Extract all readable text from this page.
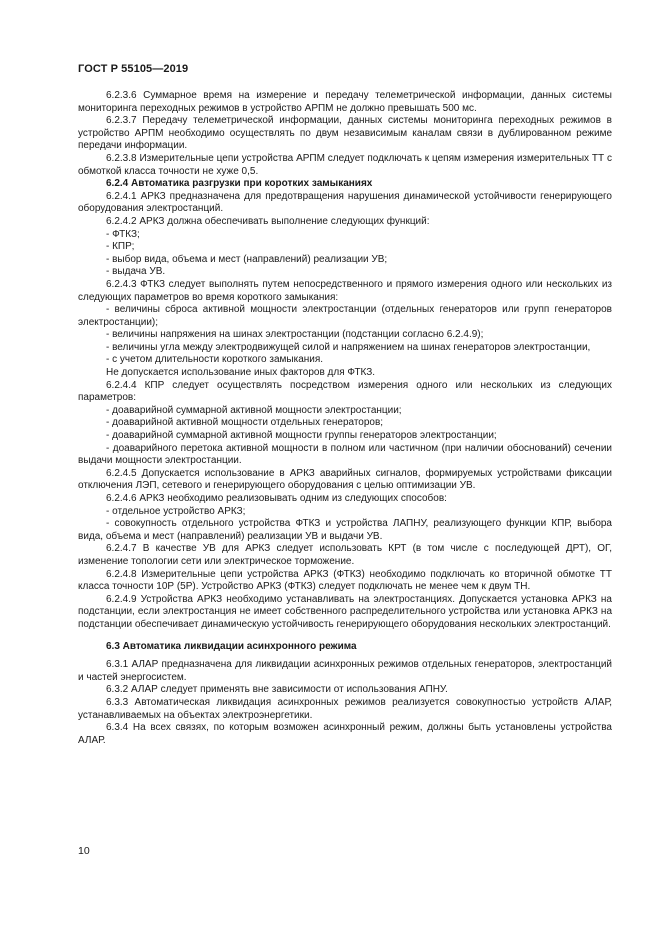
ГОСТ Р 55105—2019

6.2.3.6 Суммарное время на измерение и передачу телеметрической информации, данных системы мониторинга переходных режимов в устройство АРПМ не должно превышать 500 мс.

6.2.3.7 Передачу телеметрической информации, данных системы мониторинга переходных режимов в устройство АРПМ необходимо осуществлять по двум независимым каналам связи в дублированном режиме передачи информации.

6.2.3.8 Измерительные цепи устройства АРПМ следует подключать к цепям измерения измерительных ТТ с обмоткой класса точности не хуже 0,5.

6.2.4 Автоматика разгрузки при коротких замыканиях

6.2.4.1 АРКЗ предназначена для предотвращения нарушения динамической устойчивости генерирующего оборудования электростанций.

6.2.4.2 АРКЗ должна обеспечивать выполнение следующих функций:

- ФТКЗ;

- КПР;

- выбор вида, объема и мест (направлений) реализации УВ;

- выдача УВ.

6.2.4.3 ФТКЗ следует выполнять путем непосредственного и прямого измерения одного или нескольких из следующих параметров во время короткого замыкания:

- величины сброса активной мощности электростанции (отдельных генераторов или групп генераторов электростанции);

- величины напряжения на шинах электростанции (подстанции согласно 6.2.4.9);

- величины угла между электродвижущей силой и напряжением на шинах генераторов электростанции,

- с учетом длительности короткого замыкания.

Не допускается использование иных факторов для ФТКЗ.

6.2.4.4 КПР следует осуществлять посредством измерения одного или нескольких из следующих параметров:

- доаварийной суммарной активной мощности электростанции;

- доаварийной активной мощности отдельных генераторов;

- доаварийной суммарной активной мощности группы генераторов электростанции;

- доаварийного перетока активной мощности в полном или частичном (при наличии обоснований) сечении выдачи мощности электростанции.

6.2.4.5 Допускается использование в АРКЗ аварийных сигналов, формируемых устройствами фиксации отключения ЛЭП, сетевого и генерирующего оборудования с целью оптимизации УВ.

6.2.4.6 АРКЗ необходимо реализовывать одним из следующих способов:

- отдельное устройство АРКЗ;

- совокупность отдельного устройства ФТКЗ и устройства ЛАПНУ, реализующего функции КПР, выбора вида, объема и мест (направлений) реализации УВ и выдачи УВ.

6.2.4.7 В качестве УВ для АРКЗ следует использовать КРТ (в том числе с последующей ДРТ), ОГ, изменение топологии сети или электрическое торможение.

6.2.4.8 Измерительные цепи устройства АРКЗ (ФТКЗ) необходимо подключать ко вторичной обмотке ТТ класса точности 10Р (5Р). Устройство АРКЗ (ФТКЗ) следует подключать не менее чем к двум ТН.

6.2.4.9 Устройства АРКЗ необходимо устанавливать на электростанциях. Допускается установка АРКЗ на подстанции, если электростанция не имеет собственного распределительного устройства или установка АРКЗ на подстанции обеспечивает динамическую устойчивость генерирующего оборудования нескольких электростанций.

6.3 Автоматика ликвидации асинхронного режима

6.3.1 АЛАР предназначена для ликвидации асинхронных режимов отдельных генераторов, электростанций и частей энергосистем.

6.3.2 АЛАР следует применять вне зависимости от использования АПНУ.

6.3.3 Автоматическая ликвидация асинхронных режимов реализуется совокупностью устройств АЛАР, устанавливаемых на объектах электроэнергетики.

6.3.4 На всех связях, по которым возможен асинхронный режим, должны быть установлены устройства АЛАР.

10
